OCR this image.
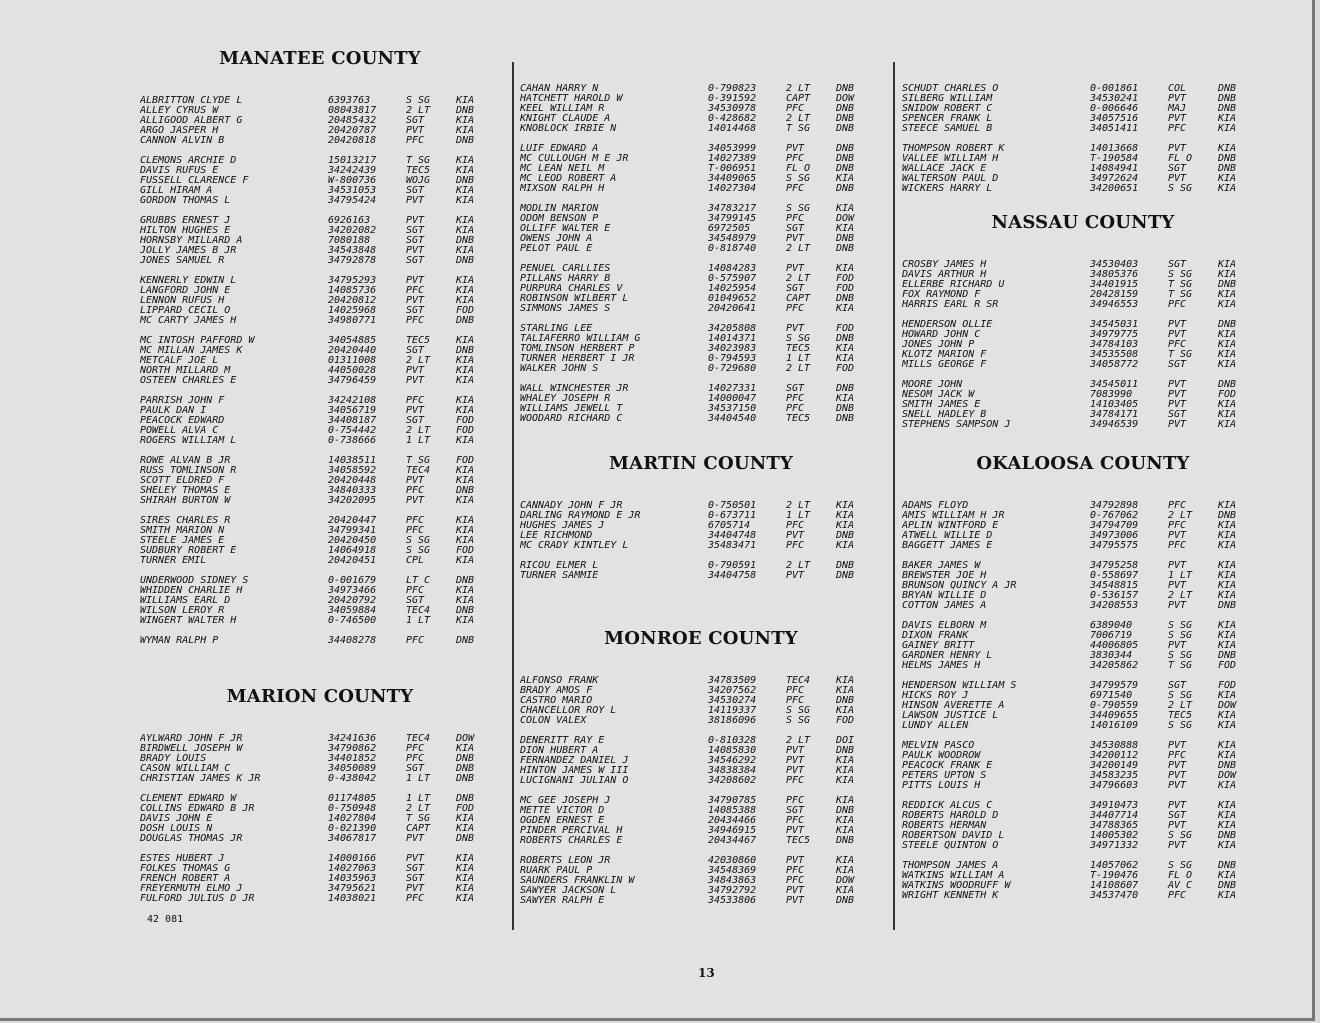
MANATEE COUNTY
ALBRITTON CLYDE L	6393763	S SG	KIA
ALLEY CYRUS W	08043817	2 LT	DNB
ALLIGOOD ALBERT G	20485432	SGT	KIA
ARGO JASPER H	20420787	PVT	KIA
CANNON ALVIN B	20420818	PFC	DNB
CLEMONS ARCHIE D	15013217	T SG	KIA
DAVIS RUFUS E	34242439	TEC5	KIA
FUSSELL CLARENCE F	W-800736	WOJG	DNB
GILL HIRAM A	34531053	SGT	KIA
GORDON THOMAS L	34795424	PVT	KIA
GRUBBS ERNEST J	6926163	PVT	KIA
HILTON HUGHES E	34202082	SGT	KIA
HORNSBY MILLARD A	7080188	SGT	DNB
JOLLY JAMES B JR	34543848	PVT	KIA
JONES SAMUEL R	34792878	SGT	DNB
KENNERLY EDWIN L	34795293	PVT	KIA
LANGFORD JOHN E	14085736	PFC	KIA
LENNON RUFUS H	20420812	PVT	KIA
LIPPARD CECIL O	14025968	SGT	FOD
MC CARTY JAMES H	34980771	PFC	DNB
MC INTOSH PAFFORD W	34054885	TEC5	KIA
MC MILLAN JAMES K	20420440	SGT	DNB
METCALF JOE L	01311008	2 LT	KIA
NORTH MILLARD M	44050028	PVT	KIA
OSTEEN CHARLES E	34796459	PVT	KIA
PARRISH JOHN F	34242108	PFC	KIA
PAULK DAN I	34056719	PVT	KIA
PEACOCK EDWARD	34408187	SGT	FOD
POWELL ALVA C	0-754442	2 LT	FOD
ROGERS WILLIAM L	0-738666	1 LT	KIA
ROWE ALVAN B JR	14038511	T SG	FOD
RUSS TOMLINSON R	34058592	TEC4	KIA
SCOTT ELDRED F	20420448	PVT	KIA
SHELEY THOMAS E	34840333	PFC	DNB
SHIRAH BURTON W	34202095	PVT	KIA
SIRES CHARLES R	20420447	PFC	KIA
SMITH MARION N	34799341	PFC	KIA
STEELE JAMES E	20420450	S SG	KIA
SUDBURY ROBERT E	14064918	S SG	FOD
TURNER EMIL	20420451	CPL	KIA
UNDERWOOD SIDNEY S	0-001679	LT C	DNB
WHIDDEN CHARLIE H	34973466	PFC	KIA
WILLIAMS EARL D	20420792	SGT	KIA
WILSON LEROY R	34059884	TEC4	DNB
WINGERT WALTER H	0-746500	1 LT	KIA
WYMAN RALPH P	34408278	PFC	DNB
MARION COUNTY
AYLWARD JOHN F JR	34241636	TEC4	DOW
BIRDWELL JOSEPH W	34790862	PFC	KIA
BRADY LOUIS	34401852	PFC	DNB
CASON WILLIAM C	34050089	SGT	DNB
CHRISTIAN JAMES K JR	0-438042	1 LT	DNB
CLEMENT EDWARD W	01174805	1 LT	DNB
COLLINS EDWARD B JR	0-750948	2 LT	FOD
DAVIS JOHN E	14027804	T SG	KIA
DOSH LOUIS N	0-021390	CAPT	KIA
DOUGLAS THOMAS JR	34067817	PVT	DNB
ESTES HUBERT J	14000166	PVT	KIA
FOLKES THOMAS G	14027063	SGT	KIA
FRENCH ROBERT A	14035963	SGT	KIA
FREYERMUTH ELMO J	34795621	PVT	KIA
FULFORD JULIUS D JR	14038021	PFC	KIA
CAHAN HARRY N	0-790823	2 LT	DNB
HATCHETT HAROLD W	0-391592	CAPT	DOW
KEEL WILLIAM R	34530978	PFC	DNB
KNIGHT CLAUDE A	0-428682	2 LT	DNB
KNOBLOCK IRBIE N	14014468	T SG	DNB
LUIF EDWARD A	34053999	PVT	DNB
MC CULLOUGH M E JR	14027389	PFC	DNB
MC LEAN NEIL M	T-006951	FL O	DNB
MC LEOD ROBERT A	34409065	S SG	KIA
MIXSON RALPH H	14027304	PFC	DNB
MODLIN MARION	34783217	S SG	KIA
ODOM BENSON P	34799145	PFC	DOW
OLLIFF WALTER E	6972505	SGT	KIA
OWENS JOHN A	34548979	PVT	DNB
PELOT PAUL E	0-818740	2 LT	DNB
PENUEL CARLLIES	14084283	PVT	KIA
PILLANS HARRY B	0-575907	2 LT	FOD
PURPURA CHARLES V	14025954	SGT	FOD
ROBINSON WILBERT L	01049652	CAPT	DNB
SIMMONS JAMES S	20420641	PFC	KIA
STARLING LEE	34205808	PVT	FOD
TALIAFERRO WILLIAM G	14014371	S SG	DNB
TOMLINSON HERBERT P	34023983	TEC5	KIA
TURNER HERBERT I JR	0-794593	1 LT	KIA
WALKER JOHN S	0-729680	2 LT	FOD
WALL WINCHESTER JR	14027331	SGT	DNB
WHALEY JOSEPH R	14000047	PFC	KIA
WILLIAMS JEWELL T	34537150	PFC	DNB
WOODARD RICHARD C	34404540	TEC5	DNB
MARTIN COUNTY
CANNADY JOHN F JR	0-750501	2 LT	KIA
DARLING RAYMOND E JR	0-673711	1 LT	KIA
HUGHES JAMES J	6705714	PFC	KIA
LEE RICHMOND	34404748	PVT	DNB
MC CRADY KINTLEY L	35483471	PFC	KIA
RICOU ELMER L	0-790591	2 LT	DNB
TURNER SAMMIE	34404758	PVT	DNB
MONROE COUNTY
ALFONSO FRANK	34783509	TEC4	KIA
BRADY AMOS F	34207562	PFC	KIA
CASTRO MARIO	34530274	PFC	DNB
CHANCELLOR ROY L	14119337	S SG	KIA
COLON VALEX	38186096	S SG	FOD
DENERITT RAY E	0-810328	2 LT	DOI
DION HUBERT A	14085830	PVT	DNB
FERNANDEZ DANIEL J	34546292	PVT	KIA
HINTON JAMES W III	34838384	PVT	KIA
LUCIGNANI JULIAN O	34208602	PFC	KIA
MC GEE JOSEPH J	34790785	PFC	KIA
METTE VICTOR D	14085388	SGT	DNB
OGDEN ERNEST E	20434466	PFC	KIA
PINDER PERCIVAL H	34946915	PVT	KIA
ROBERTS CHARLES E	20434467	TEC5	DNB
ROBERTS LEON JR	42030860	PVT	KIA
RUARK PAUL P	34548369	PFC	KIA
SAUNDERS FRANKLIN W	34843863	PFC	DOW
SAWYER JACKSON L	34792792	PVT	KIA
SAWYER RALPH E	34533806	PVT	DNB
SCHUDT CHARLES O	0-001861	COL	DNB
SILBERG WILLIAM	34530241	PVT	DNB
SNIDOW ROBERT C	0-006646	MAJ	DNB
SPENCER FRANK L	34057516	PVT	KIA
STEECE SAMUEL B	34051411	PFC	KIA
THOMPSON ROBERT K	14013668	PVT	KIA
VALLEE WILLIAM H	T-190584	FL O	DNB
WALLACE JACK E	14084941	SGT	DNB
WALTERSON PAUL D	34972624	PVT	KIA
WICKERS HARRY L	34200651	S SG	KIA
NASSAU COUNTY
CROSBY JAMES H	34530403	SGT	KIA
DAVIS ARTHUR H	34805376	S SG	KIA
ELLERBE RICHARD U	34401915	T SG	DNB
FOX RAYMOND F	20428159	T SG	KIA
HARRIS EARL R SR	34946553	PFC	KIA
HENDERSON OLLIE	34545031	PVT	DNB
HOWARD JOHN C	34979775	PVT	KIA
JONES JOHN P	34784103	PFC	KIA
KLOTZ MARION F	34535508	T SG	KIA
MILLS GEORGE F	34058772	SGT	KIA
MOORE JOHN	34545011	PVT	DNB
NESOM JACK W	7083990	PVT	FOD
SMITH JAMES E	14103405	PVT	KIA
SNELL HADLEY B	34784171	SGT	KIA
STEPHENS SAMPSON J	34946539	PVT	KIA
OKALOOSA COUNTY
ADAMS FLOYD	34792898	PFC	KIA
AMIS WILLIAM H JR	0-767062	2 LT	DNB
APLIN WINTFORD E	34794709	PFC	KIA
ATWELL WILLIE D	34973006	PVT	KIA
BAGGETT JAMES E	34795575	PFC	KIA
BAKER JAMES W	34795258	PVT	KIA
BREWSTER JOE H	0-558697	1 LT	KIA
BRUNSON QUINCY A JR	34548815	PVT	KIA
BRYAN WILLIE D	0-536157	2 LT	KIA
COTTON JAMES A	34208553	PVT	DNB
DAVIS ELBORN M	6389040	S SG	KIA
DIXON FRANK	7006719	S SG	KIA
GAINEY BRITT	44006805	PVT	KIA
GARDNER HENRY L	3830344	S SG	DNB
HELMS JAMES H	34205862	T SG	FOD
HENDERSON WILLIAM S	34799579	SGT	FOD
HICKS ROY J	6971540	S SG	KIA
HINSON AVERETTE A	0-790559	2 LT	DOW
LAWSON JUSTICE L	34409655	TEC5	KIA
LUNDY ALLEN	14016109	S SG	KIA
MELVIN PASCO	34530888	PVT	KIA
PAULK WOODROW	34200112	PFC	KIA
PEACOCK FRANK E	34200149	PVT	DNB
PETERS UPTON S	34583235	PVT	DOW
PITTS LOUIS H	34796603	PVT	KIA
REDDICK ALCUS C	34910473	PVT	KIA
ROBERTS HAROLD D	34407714	SGT	KIA
ROBERTS HERMAN	34788365	PVT	KIA
ROBERTSON DAVID L	14005302	S SG	DNB
STEELE QUINTON O	34971332	PVT	KIA
THOMPSON JAMES A	14057062	S SG	DNB
WATKINS WILLIAM A	T-190476	FL O	KIA
WATKINS WOODRUFF W	14108607	AV C	DNB
WRIGHT KENNETH K	34537470	PFC	KIA
42 081
13
